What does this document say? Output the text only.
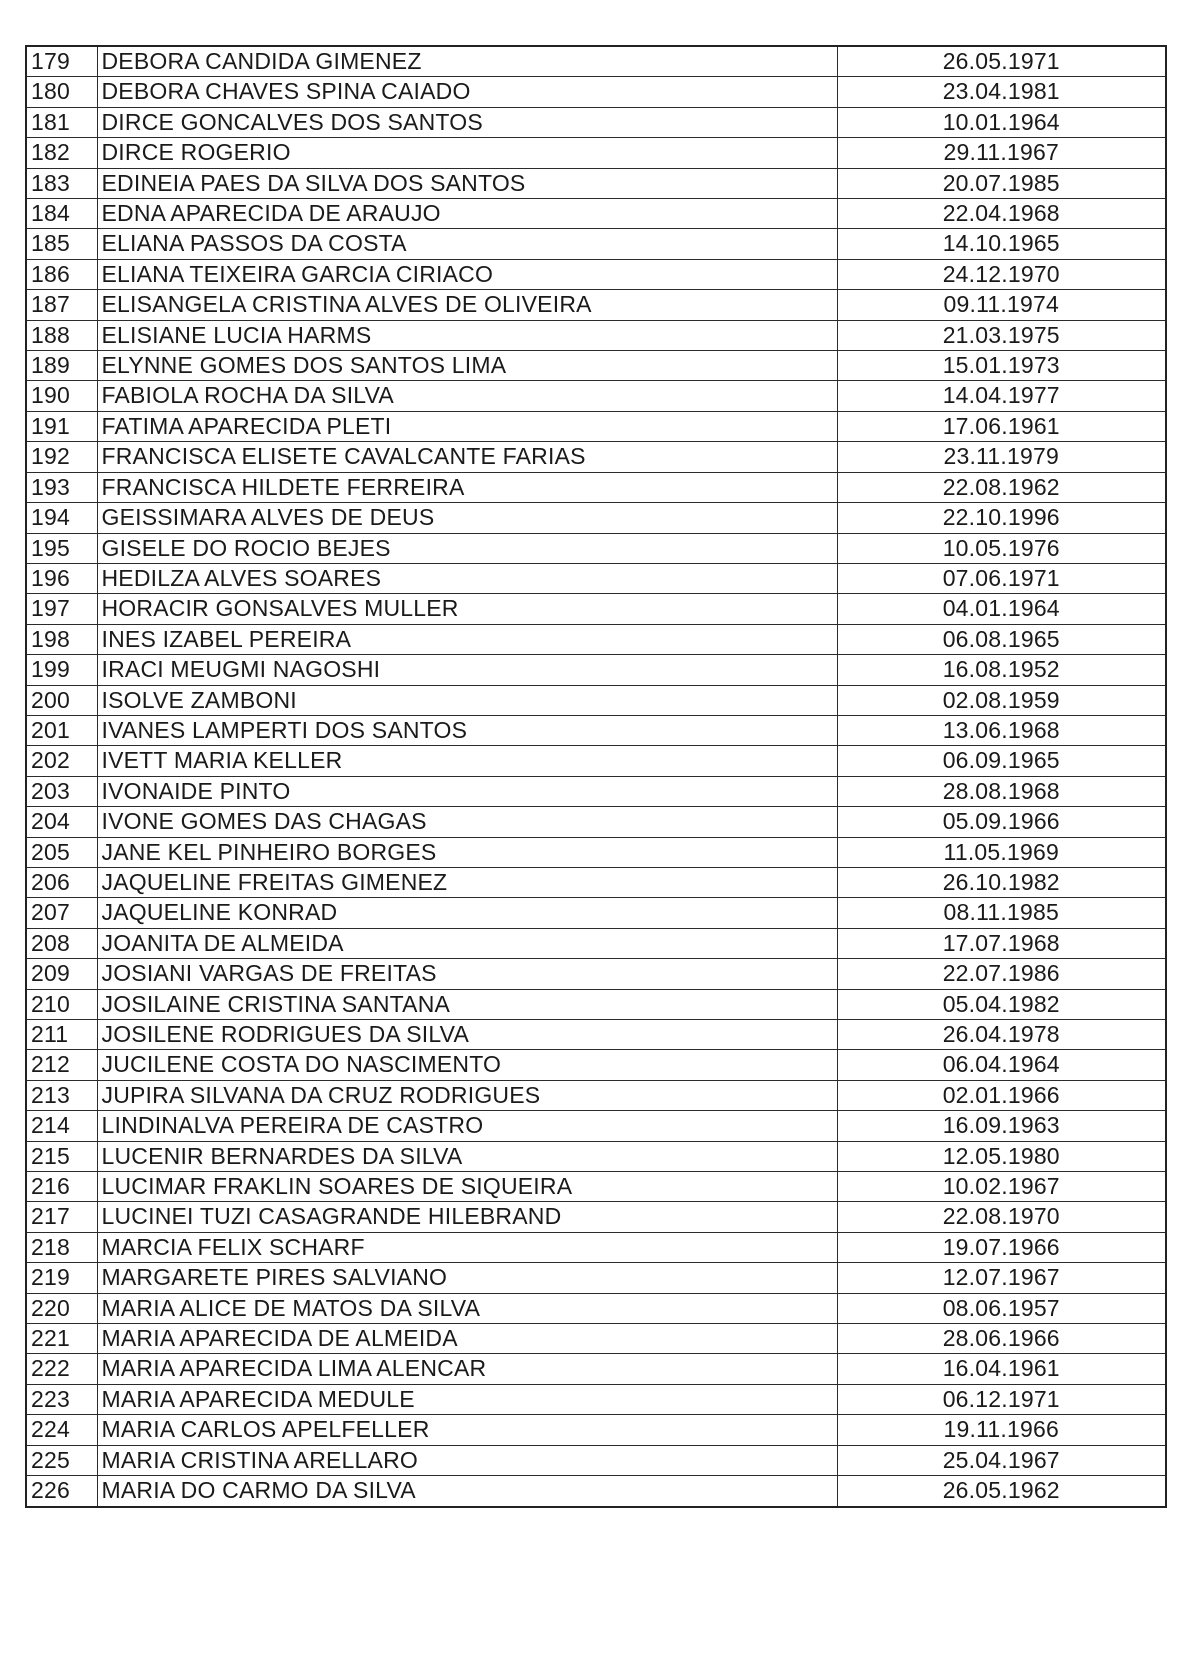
179	DEBORA CANDIDA GIMENEZ	26.05.1971
180	DEBORA CHAVES SPINA CAIADO	23.04.1981
181	DIRCE GONCALVES DOS SANTOS	10.01.1964
182	DIRCE ROGERIO	29.11.1967
183	EDINEIA PAES DA SILVA DOS SANTOS	20.07.1985
184	EDNA APARECIDA DE ARAUJO	22.04.1968
185	ELIANA PASSOS DA COSTA	14.10.1965
186	ELIANA TEIXEIRA GARCIA CIRIACO	24.12.1970
187	ELISANGELA CRISTINA ALVES DE OLIVEIRA	09.11.1974
188	ELISIANE LUCIA HARMS	21.03.1975
189	ELYNNE GOMES DOS SANTOS LIMA	15.01.1973
190	FABIOLA ROCHA DA SILVA	14.04.1977
191	FATIMA APARECIDA PLETI	17.06.1961
192	FRANCISCA ELISETE CAVALCANTE FARIAS	23.11.1979
193	FRANCISCA HILDETE FERREIRA	22.08.1962
194	GEISSIMARA ALVES DE DEUS	22.10.1996
195	GISELE DO ROCIO BEJES	10.05.1976
196	HEDILZA ALVES SOARES	07.06.1971
197	HORACIR GONSALVES MULLER	04.01.1964
198	INES IZABEL PEREIRA	06.08.1965
199	IRACI MEUGMI NAGOSHI	16.08.1952
200	ISOLVE ZAMBONI	02.08.1959
201	IVANES LAMPERTI DOS SANTOS	13.06.1968
202	IVETT MARIA KELLER	06.09.1965
203	IVONAIDE PINTO	28.08.1968
204	IVONE GOMES DAS CHAGAS	05.09.1966
205	JANE KEL PINHEIRO BORGES	11.05.1969
206	JAQUELINE FREITAS GIMENEZ	26.10.1982
207	JAQUELINE KONRAD	08.11.1985
208	JOANITA DE ALMEIDA	17.07.1968
209	JOSIANI VARGAS DE FREITAS	22.07.1986
210	JOSILAINE CRISTINA SANTANA	05.04.1982
211	JOSILENE RODRIGUES DA SILVA	26.04.1978
212	JUCILENE COSTA DO NASCIMENTO	06.04.1964
213	JUPIRA SILVANA DA CRUZ RODRIGUES	02.01.1966
214	LINDINALVA PEREIRA DE CASTRO	16.09.1963
215	LUCENIR BERNARDES DA SILVA	12.05.1980
216	LUCIMAR FRAKLIN SOARES DE SIQUEIRA	10.02.1967
217	LUCINEI TUZI CASAGRANDE HILEBRAND	22.08.1970
218	MARCIA FELIX SCHARF	19.07.1966
219	MARGARETE PIRES SALVIANO	12.07.1967
220	MARIA ALICE DE MATOS DA SILVA	08.06.1957
221	MARIA APARECIDA DE ALMEIDA	28.06.1966
222	MARIA APARECIDA LIMA ALENCAR	16.04.1961
223	MARIA APARECIDA MEDULE	06.12.1971
224	MARIA CARLOS APELFELLER	19.11.1966
225	MARIA CRISTINA ARELLARO	25.04.1967
226	MARIA DO CARMO DA SILVA	26.05.1962
